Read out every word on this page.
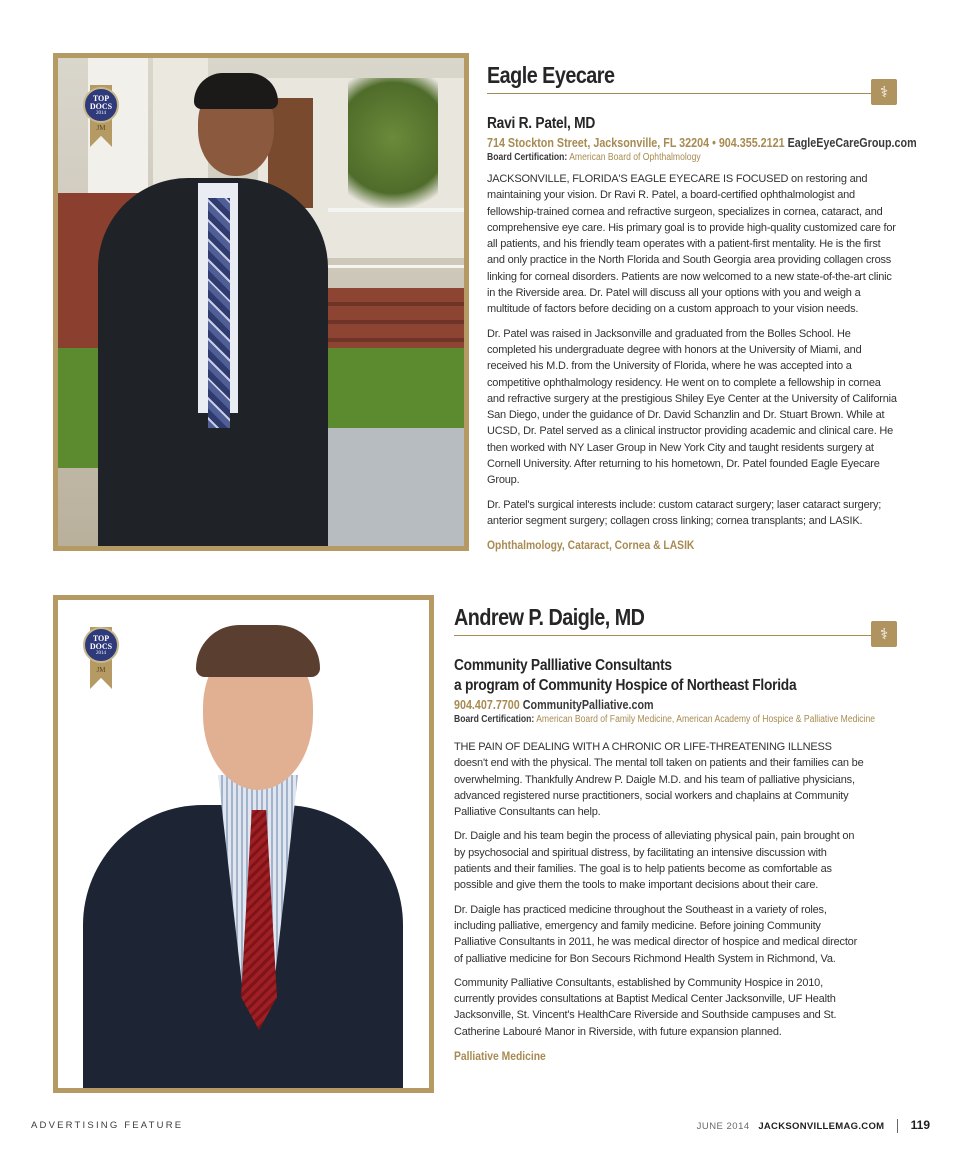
JM
TOP
DOCS
2014
Eagle Eyecare
⚕
Ravi R. Patel, MD
714 Stockton Street, Jacksonville, FL 32204 • 904.355.2121 EagleEyeCareGroup.com
Board Certification: American Board of Ophthalmology

JACKSONVILLE, FLORIDA'S EAGLE EYECARE IS FOCUSED on restoring and maintaining your vision. Dr Ravi R. Patel, a board-certified ophthalmologist and fellowship-trained cornea and refractive surgeon, specializes in cornea, cataract, and comprehensive eye care. His primary goal is to provide high-quality customized care for all patients, and his friendly team operates with a patient-first mentality. He is the first and only practice in the North Florida and South Georgia area providing collagen cross linking for corneal disorders. Patients are now welcomed to a new state-of-the-art clinic in the Riverside area. Dr. Patel will discuss all your options with you and weigh a multitude of factors before deciding on a custom approach to your vision needs.

Dr. Patel was raised in Jacksonville and graduated from the Bolles School. He completed his undergraduate degree with honors at the University of Miami, and received his M.D. from the University of Florida, where he was accepted into a competitive ophthalmology residency. He went on to complete a fellowship in cornea and refractive surgery at the prestigious Shiley Eye Center at the University of California San Diego, under the guidance of Dr. David Schanzlin and Dr. Stuart Brown. While at UCSD, Dr. Patel served as a clinical instructor providing academic and clinical care. He then worked with NY Laser Group in New York City and taught residents surgery at Cornell University. After returning to his hometown, Dr. Patel founded Eagle Eyecare Group.

Dr. Patel's surgical interests include: custom cataract surgery; laser cataract surgery; anterior segment surgery; collagen cross linking; cornea transplants; and LASIK.

Ophthalmology, Cataract, Cornea & LASIK
JM
TOP
DOCS
2014
Andrew P. Daigle, MD
⚕
Community Pallliative Consultants
a program of Community Hospice of Northeast Florida
904.407.7700 CommunityPalliative.com
Board Certification: American Board of Family Medicine, American Academy of Hospice & Palliative Medicine

THE PAIN OF DEALING WITH A CHRONIC OR LIFE-THREATENING ILLNESS doesn't end with the physical. The mental toll taken on patients and their families can be overwhelming. Thankfully Andrew P. Daigle M.D. and his team of palliative physicians, advanced registered nurse practitioners, social workers and chaplains at Community Palliative Consultants can help.

Dr. Daigle and his team begin the process of alleviating physical pain, pain brought on by psychosocial and spiritual distress, by facilitating an intensive discussion with patients and their families. The goal is to help patients become as comfortable as possible and give them the tools to make important decisions about their care.

Dr. Daigle has practiced medicine throughout the Southeast in a variety of roles, including palliative, emergency and family medicine. Before joining Community Palliative Consultants in 2011, he was medical director of hospice and medical director of palliative medicine for Bon Secours Richmond Health System in Richmond, Va.

Community Palliative Consultants, established by Community Hospice in 2010, currently provides consultations at Baptist Medical Center Jacksonville, UF Health Jacksonville, St. Vincent's HealthCare Riverside and Southside campuses and St. Catherine Labouré Manor in Riverside, with future expansion planned.

Palliative Medicine
ADVERTISING FEATURE	JUNE 2014 JACKSONVILLEMAG.COM 119
